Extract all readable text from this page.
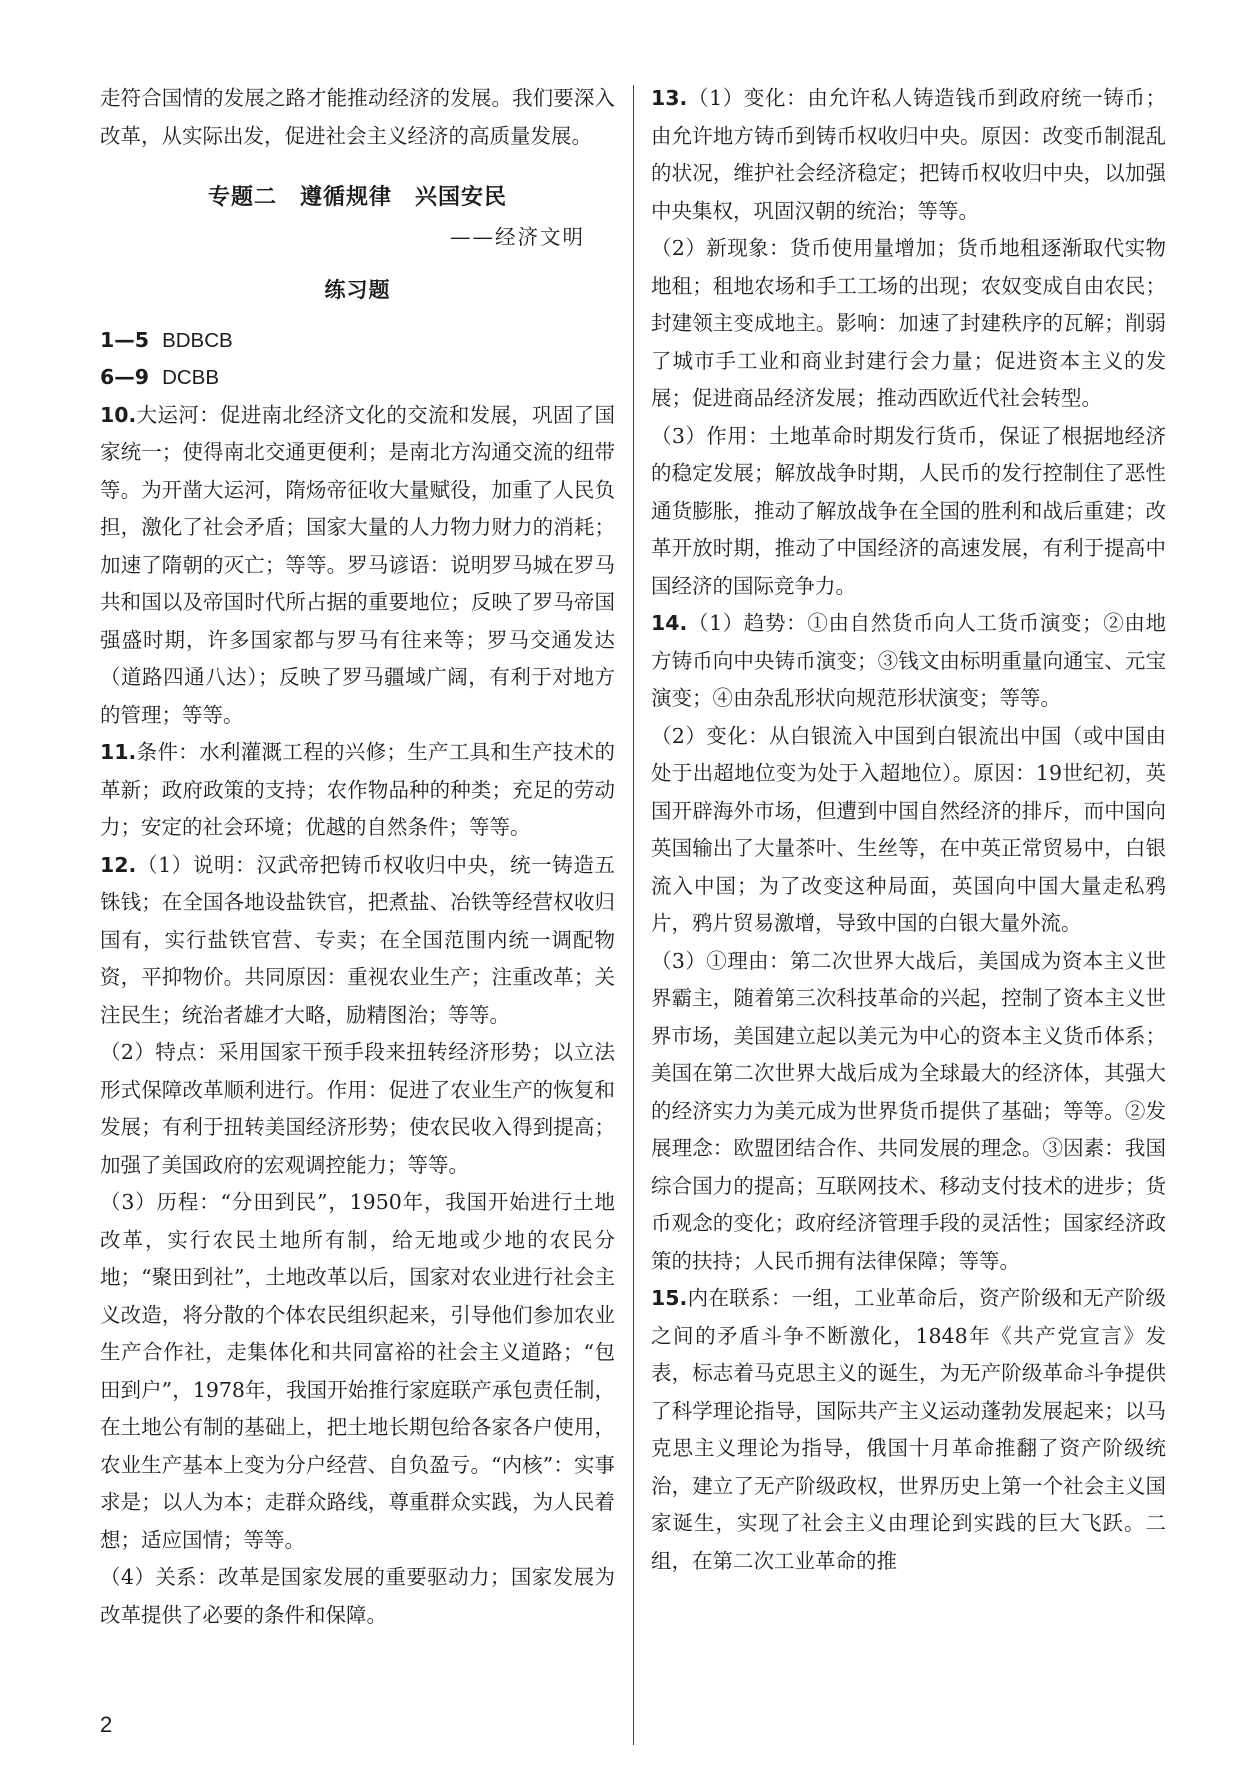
走符合国情的发展之路才能推动经济的发展。我们要深入改革，从实际出发，促进社会主义经济的高质量发展。

专题二　遵循规律　兴国安民
——经济文明
练习题

1—5 BDBCB

6—9 DCBB

10.大运河：促进南北经济文化的交流和发展，巩固了国家统一；使得南北交通更便利；是南北方沟通交流的纽带等。为开凿大运河，隋炀帝征收大量赋役，加重了人民负担，激化了社会矛盾；国家大量的人力物力财力的消耗；加速了隋朝的灭亡；等等。罗马谚语：说明罗马城在罗马共和国以及帝国时代所占据的重要地位；反映了罗马帝国强盛时期，许多国家都与罗马有往来等；罗马交通发达（道路四通八达）；反映了罗马疆域广阔，有利于对地方的管理；等等。

11.条件：水利灌溉工程的兴修；生产工具和生产技术的革新；政府政策的支持；农作物品种的种类；充足的劳动力；安定的社会环境；优越的自然条件；等等。

12.（1）说明：汉武帝把铸币权收归中央，统一铸造五铢钱；在全国各地设盐铁官，把煮盐、冶铁等经营权收归国有，实行盐铁官营、专卖；在全国范围内统一调配物资，平抑物价。共同原因：重视农业生产；注重改革；关注民生；统治者雄才大略，励精图治；等等。

（2）特点：采用国家干预手段来扭转经济形势；以立法形式保障改革顺利进行。作用：促进了农业生产的恢复和发展；有利于扭转美国经济形势；使农民收入得到提高；加强了美国政府的宏观调控能力；等等。

（3）历程：“分田到民”，1950年，我国开始进行土地改革，实行农民土地所有制，给无地或少地的农民分地；“聚田到社”，土地改革以后，国家对农业进行社会主义改造，将分散的个体农民组织起来，引导他们参加农业生产合作社，走集体化和共同富裕的社会主义道路；“包田到户”，1978年，我国开始推行家庭联产承包责任制，在土地公有制的基础上，把土地长期包给各家各户使用，农业生产基本上变为分户经营、自负盈亏。“内核”：实事求是；以人为本；走群众路线，尊重群众实践，为人民着想；适应国情；等等。

（4）关系：改革是国家发展的重要驱动力；国家发展为改革提供了必要的条件和保障。

13.（1）变化：由允许私人铸造钱币到政府统一铸币；由允许地方铸币到铸币权收归中央。原因：改变币制混乱的状况，维护社会经济稳定；把铸币权收归中央，以加强中央集权，巩固汉朝的统治；等等。

（2）新现象：货币使用量增加；货币地租逐渐取代实物地租；租地农场和手工工场的出现；农奴变成自由农民；封建领主变成地主。影响：加速了封建秩序的瓦解；削弱了城市手工业和商业封建行会力量；促进资本主义的发展；促进商品经济发展；推动西欧近代社会转型。

（3）作用：土地革命时期发行货币，保证了根据地经济的稳定发展；解放战争时期，人民币的发行控制住了恶性通货膨胀，推动了解放战争在全国的胜利和战后重建；改革开放时期，推动了中国经济的高速发展，有利于提高中国经济的国际竞争力。

14.（1）趋势：①由自然货币向人工货币演变；②由地方铸币向中央铸币演变；③钱文由标明重量向通宝、元宝演变；④由杂乱形状向规范形状演变；等等。

（2）变化：从白银流入中国到白银流出中国（或中国由处于出超地位变为处于入超地位）。原因：19世纪初，英国开辟海外市场，但遭到中国自然经济的排斥，而中国向英国输出了大量茶叶、生丝等，在中英正常贸易中，白银流入中国；为了改变这种局面，英国向中国大量走私鸦片，鸦片贸易激增，导致中国的白银大量外流。

（3）①理由：第二次世界大战后，美国成为资本主义世界霸主，随着第三次科技革命的兴起，控制了资本主义世界市场，美国建立起以美元为中心的资本主义货币体系；美国在第二次世界大战后成为全球最大的经济体，其强大的经济实力为美元成为世界货币提供了基础；等等。②发展理念：欧盟团结合作、共同发展的理念。③因素：我国综合国力的提高；互联网技术、移动支付技术的进步；货币观念的变化；政府经济管理手段的灵活性；国家经济政策的扶持；人民币拥有法律保障；等等。

15.内在联系：一组，工业革命后，资产阶级和无产阶级之间的矛盾斗争不断激化，1848年《共产党宣言》发表，标志着马克思主义的诞生，为无产阶级革命斗争提供了科学理论指导，国际共产主义运动蓬勃发展起来；以马克思主义理论为指导，俄国十月革命推翻了资产阶级统治，建立了无产阶级政权，世界历史上第一个社会主义国家诞生，实现了社会主义由理论到实践的巨大飞跃。二组，在第二次工业革命的推

2
